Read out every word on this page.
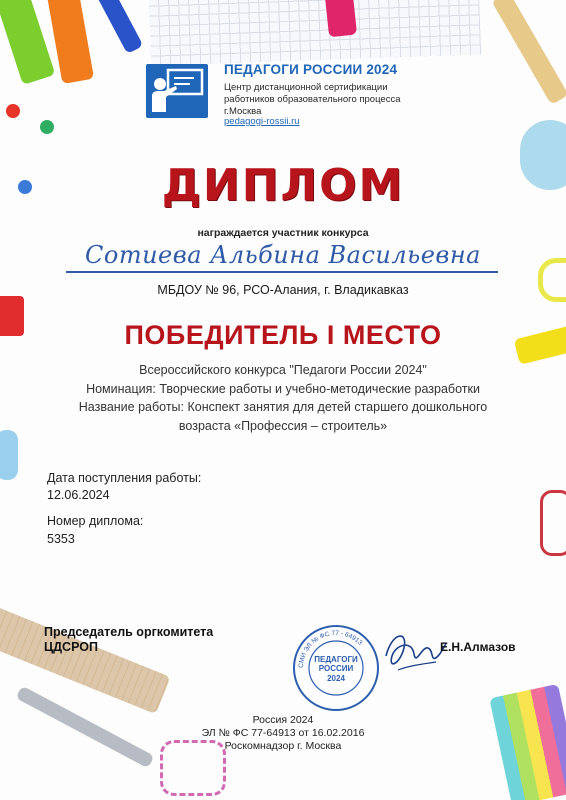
ПЕДАГОГИ РОССИИ 2024
Центр дистанционной сертификации
работников образовательного процесса
г.Москва
pedagogi-rossii.ru
ДИПЛОМ
награждается участник конкурса
Сотиева Альбина Васильевна
МБДОУ № 96, РСО-Алания, г. Владикавказ
ПОБЕДИТЕЛЬ I МЕСТО
Всероссийского конкурса "Педагоги России 2024"
Номинация: Творческие работы и учебно-методические разработки
Название работы: Конспект занятия для детей старшего дошкольного
возраста «Профессия – строитель»
Дата поступления работы:
12.06.2024
Номер диплома:
5353
Председатель оргкомитета
ЦДСРОП
СМИ ЭЛ № ФС 77 - 64913
ПЕДАГОГИ
РОССИИ
2024
Е.Н.Алмазов
Россия 2024
ЭЛ № ФС 77-64913 от 16.02.2016
Роскомнадзор г. Москва
